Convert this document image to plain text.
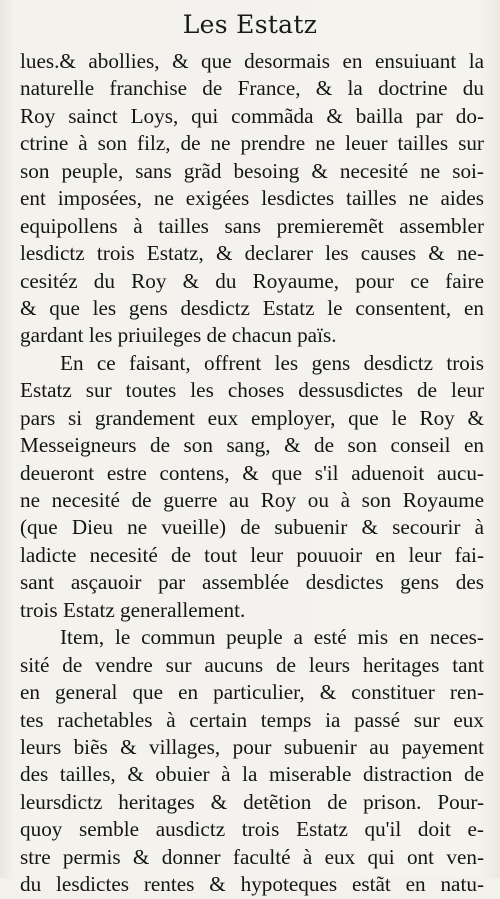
Les Estatz
lues.& abollies, & que desormais en ensuiuant la
naturelle franchise de France, & la doctrine du
Roy sainct Loys, qui commãda & bailla par do-
ctrine à son filz, de ne prendre ne leuer tailles sur
son peuple, sans grãd besoing & necesité ne soi-
ent imposées, ne exigées lesdictes tailles ne aides
equipollens à tailles sans premieremẽt assembler
lesdictz trois Estatz, & declarer les causes & ne-
cesitéz du Roy & du Royaume, pour ce faire
& que les gens desdictz Estatz le consentent, en
gardant les priuileges de chacun païs.
En ce faisant, offrent les gens desdictz trois
Estatz sur toutes les choses dessusdictes de leur
pars si grandement eux employer, que le Roy &
Messeigneurs de son sang, & de son conseil en
deueront estre contens, & que s'il aduenoit aucu-
ne necesité de guerre au Roy ou à son Royaume
(que Dieu ne vueille) de subuenir & secourir à
ladicte necesité de tout leur pouuoir en leur fai-
sant asçauoir par assemblée desdictes gens des
trois Estatz generallement.
Item, le commun peuple a esté mis en neces-
sité de vendre sur aucuns de leurs heritages tant
en general que en particulier, & constituer ren-
tes rachetables à certain temps ia passé sur eux
leurs biẽs & villages, pour subuenir au payement
des tailles, & obuier à la miserable distraction de
leursdictz heritages & detẽtion de prison. Pour-
quoy semble ausdictz trois Estatz qu'il doit e-
stre permis & donner faculté à eux qui ont ven-
du lesdictes rentes & hypoteques estãt en natu-
